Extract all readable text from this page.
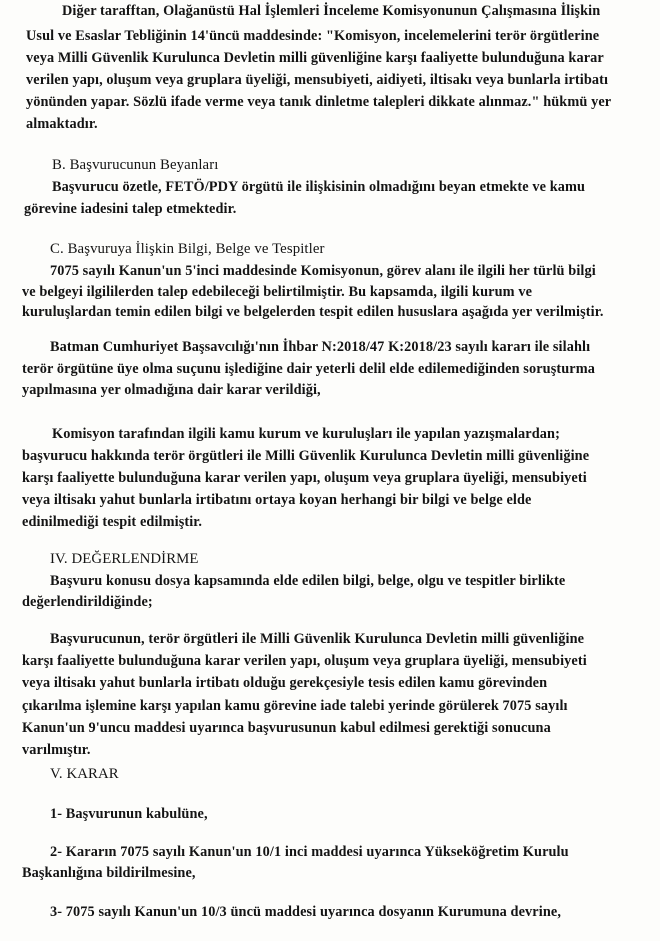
Diğer tarafftan, Olağanüstü Hal İşlemleri İnceleme Komisyonunun Çalışmasına İlişkin
Usul ve Esaslar Tebliğinin 14'üncü maddesinde: "Komisyon, incelemelerini terör örgütlerine
veya Milli Güvenlik Kurulunca Devletin milli güvenliğine karşı faaliyette bulunduğuna karar
verilen yapı, oluşum veya gruplara üyeliği, mensubiyeti, aidiyeti, iltisakı veya bunlarla irtibatı
yönünden yapar. Sözlü ifade verme veya tanık dinletme talepleri dikkate alınmaz." hükmü yer
almaktadır.
B. Başvurucunun Beyanları
Başvurucu özetle, FETÖ/PDY örgütü ile ilişkisinin olmadığını beyan etmekte ve kamu
görevine iadesini talep etmektedir.
C. Başvuruya İlişkin Bilgi, Belge ve Tespitler
7075 sayılı Kanun'un 5'inci maddesinde Komisyonun, görev alanı ile ilgili her türlü bilgi
ve belgeyi ilgililerden talep edebileceği belirtilmiştir. Bu kapsamda, ilgili kurum ve
kuruluşlardan temin edilen bilgi ve belgelerden tespit edilen hususlara aşağıda yer verilmiştir.
Batman Cumhuriyet Başsavcılığı'nın İhbar N:2018/47 K:2018/23 sayılı kararı ile silahlı
terör örgütüne üye olma suçunu işlediğine dair yeterli delil elde edilemediğinden soruşturma
yapılmasına yer olmadığına dair karar verildiği,
Komisyon tarafından ilgili kamu kurum ve kuruluşları ile yapılan yazışmalardan;
başvurucu hakkında terör örgütleri ile Milli Güvenlik Kurulunca Devletin milli güvenliğine
karşı faaliyette bulunduğuna karar verilen yapı, oluşum veya gruplara üyeliği, mensubiyeti
veya iltisakı yahut bunlarla irtibatını ortaya koyan herhangi bir bilgi ve belge elde
edinilmediği tespit edilmiştir.
IV. DEĞERLENDİRME
Başvuru konusu dosya kapsamında elde edilen bilgi, belge, olgu ve tespitler birlikte
değerlendirildiğinde;
Başvurucunun, terör örgütleri ile Milli Güvenlik Kurulunca Devletin milli güvenliğine
karşı faaliyette bulunduğuna karar verilen yapı, oluşum veya gruplara üyeliği, mensubiyeti
veya iltisakı yahut bunlarla irtibatı olduğu gerekçesiyle tesis edilen kamu görevinden
çıkarılma işlemine karşı yapılan kamu görevine iade talebi yerinde görülerek 7075 sayılı
Kanun'un 9'uncu maddesi uyarınca başvurusunun kabul edilmesi gerektiği sonucuna
varılmıştır.
V. KARAR
1- Başvurunun kabulüne,
2- Kararın 7075 sayılı Kanun'un 10/1 inci maddesi uyarınca Yükseköğretim Kurulu
Başkanlığına bildirilmesine,
3- 7075 sayılı Kanun'un 10/3 üncü maddesi uyarınca dosyanın Kurumuna devrine,
